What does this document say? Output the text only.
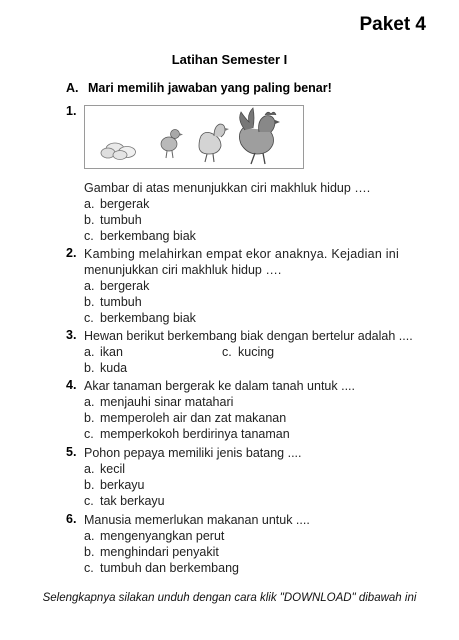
Paket 4
Latihan Semester I
A. Mari memilih jawaban yang paling benar!
1.
Gambar di atas menunjukkan ciri makhluk hidup ….
a. bergerak
b. tumbuh
c. berkembang biak
2. Kambing melahirkan empat ekor anaknya. Kejadian ini
menunjukkan ciri makhluk hidup ….
a. bergerak
b. tumbuh
c. berkembang biak
3. Hewan berikut berkembang biak dengan bertelur adalah ....
a. ikan	c. kucing
b. kuda
4. Akar tanaman bergerak ke dalam tanah untuk ....
a. menjauhi sinar matahari
b. memperoleh air dan zat makanan
c. memperkokoh berdirinya tanaman
5. Pohon pepaya memiliki jenis batang ....
a. kecil
b. berkayu
c. tak berkayu
6. Manusia memerlukan makanan untuk ....
a. mengenyangkan perut
b. menghindari penyakit
c. tumbuh dan berkembang
Selengkapnya silakan unduh dengan cara klik "DOWNLOAD" dibawah ini
